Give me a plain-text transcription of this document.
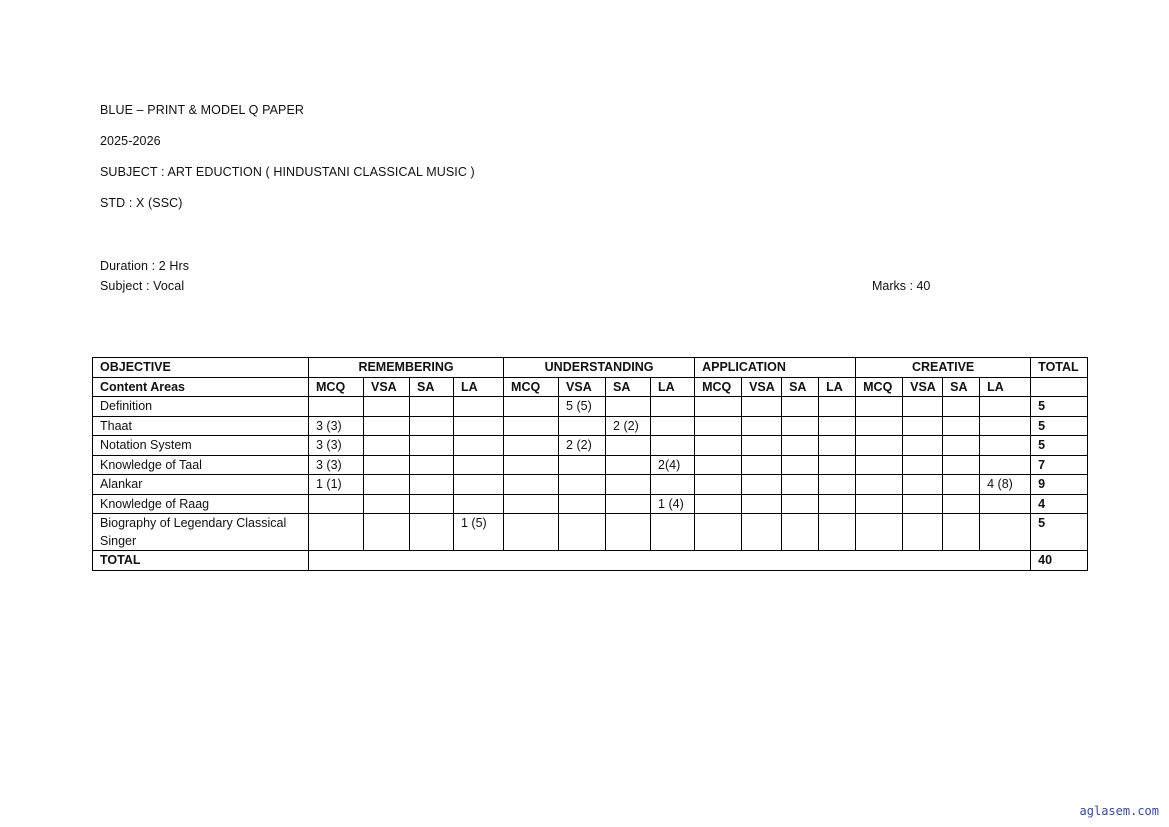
BLUE – PRINT & MODEL Q PAPER
2025-2026
SUBJECT : ART EDUCTION ( HINDUSTANI CLASSICAL MUSIC )
STD : X (SSC)
Duration : 2 Hrs
Subject : Vocal	Marks : 40
OBJECTIVE	REMEMBERING				UNDERSTANDING				APPLICATION				CREATIVE				TOTAL
Content Areas	MCQ	VSA	SA	LA	MCQ	VSA	SA	LA	MCQ	VSA	SA	LA	MCQ	VSA	SA	LA	
Definition						5 (5)											5
Thaat	3 (3)						2 (2)										5
Notation System	3 (3)					2 (2)											5
Knowledge of Taal	3 (3)							2(4)									7
Alankar	1 (1)															4 (8)	9
Knowledge of Raag								1 (4)									4
Biography of Legendary Classical Singer				1 (5)													5
TOTAL																	40
aglasem.com
